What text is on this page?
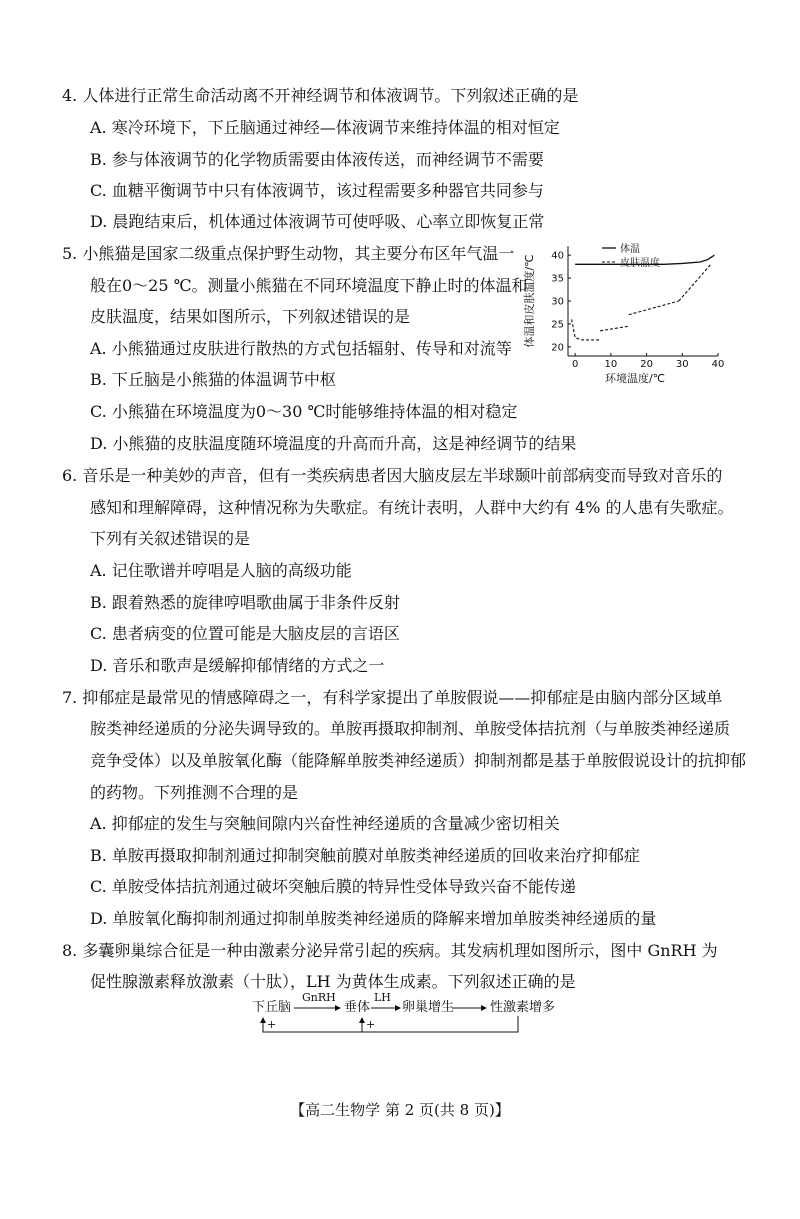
4. 人体进行正常生命活动离不开神经调节和体液调节。下列叙述正确的是
A. 寒冷环境下，下丘脑通过神经—体液调节来维持体温的相对恒定
B. 参与体液调节的化学物质需要由体液传送，而神经调节不需要
C. 血糖平衡调节中只有体液调节，该过程需要多种器官共同参与
D. 晨跑结束后，机体通过体液调节可使呼吸、心率立即恢复正常
5. 小熊猫是国家二级重点保护野生动物，其主要分布区年气温一
般在0～25 ℃。测量小熊猫在不同环境温度下静止时的体温和
皮肤温度，结果如图所示，下列叙述错误的是
A. 小熊猫通过皮肤进行散热的方式包括辐射、传导和对流等
B. 下丘脑是小熊猫的体温调节中枢
C. 小熊猫在环境温度为0～30 ℃时能够维持体温的相对稳定
D. 小熊猫的皮肤温度随环境温度的升高而升高，这是神经调节的结果
0	10 20 30 40
20
25
30
35
40
环境温度/℃
体温和皮肤温度/℃
体温
皮肤温度
6. 音乐是一种美妙的声音，但有一类疾病患者因大脑皮层左半球颞叶前部病变而导致对音乐的
感知和理解障碍，这种情况称为失歌症。有统计表明，人群中大约有 4% 的人患有失歌症。
下列有关叙述错误的是
A. 记住歌谱并哼唱是人脑的高级功能
B. 跟着熟悉的旋律哼唱歌曲属于非条件反射
C. 患者病变的位置可能是大脑皮层的言语区
D. 音乐和歌声是缓解抑郁情绪的方式之一
7. 抑郁症是最常见的情感障碍之一，有科学家提出了单胺假说——抑郁症是由脑内部分区域单
胺类神经递质的分泌失调导致的。单胺再摄取抑制剂、单胺受体拮抗剂（与单胺类神经递质
竞争受体）以及单胺氧化酶（能降解单胺类神经递质）抑制剂都是基于单胺假说设计的抗抑郁
的药物。下列推测不合理的是
A. 抑郁症的发生与突触间隙内兴奋性神经递质的含量减少密切相关
B. 单胺再摄取抑制剂通过抑制突触前膜对单胺类神经递质的回收来治疗抑郁症
C. 单胺受体拮抗剂通过破坏突触后膜的特异性受体导致兴奋不能传递
D. 单胺氧化酶抑制剂通过抑制单胺类神经递质的降解来增加单胺类神经递质的量
8. 多囊卵巢综合征是一种由激素分泌异常引起的疾病。其发病机理如图所示，图中 GnRH 为
促性腺激素释放激素（十肽），LH 为黄体生成素。下列叙述正确的是
下丘脑	垂体 卵巢增生	性激素增多
GnRH	LH
+	+
【高二生物学 第 2 页(共 8 页)】
